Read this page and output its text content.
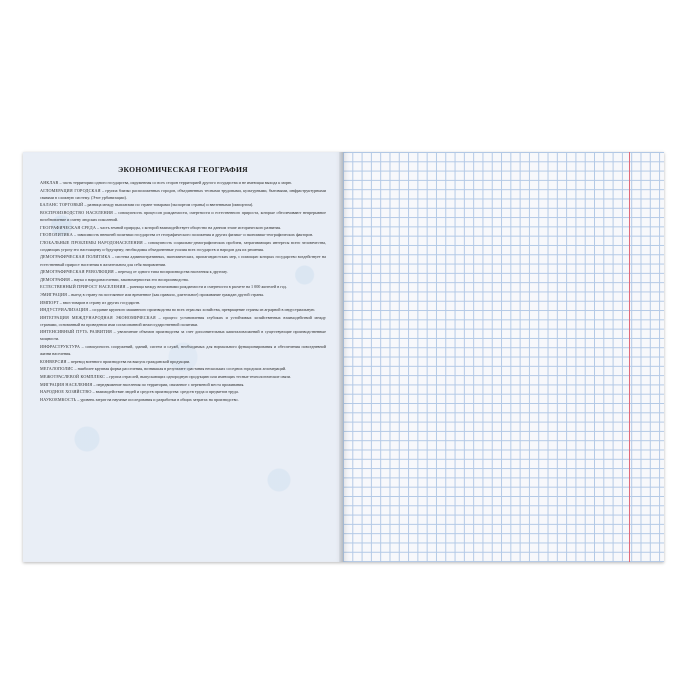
ЭКОНОМИЧЕСКАЯ ГЕОГРАФИЯ
АНКЛАВ – часть территории одного государства, окруженная со всех сторон территорией другого государства и не имеющая выхода к морю.
АГЛОМЕРАЦИЯ ГОРОДСКАЯ – группа близко расположенных городов, объединенных тесными трудовыми, культурными, бытовыми, инфраструктурными связями в сложную систему. (Этот урбанизации).
БАЛАНС ТОРГОВЫЙ – разница между выплатами по стране товарами (экспортом страны) и ввезенными (импортом).
ВОСПРОИЗВОДСТВО НАСЕЛЕНИЯ – совокупность процессов рождаемости, смертности и естественного прироста, которые обеспечивают непрерывное возобновление и смену людских поколений.
ГЕОГРАФИЧЕСКАЯ СРЕДА – часть земной природы, с которой взаимодействует общество на данном этапе исторического развития.
ГЕОПОЛИТИКА – зависимость внешней политики государства от географического положения и других физико- и экономико-географических факторов.
ГЛОБАЛЬНЫЕ ПРОБЛЕМЫ НАРОДОНАСЕЛЕНИЯ – совокупность социально-демографических проблем, затрагивающих интересы всего человечества, создающих угрозу его настоящему и будущему; необходимы объединенные усилия всех государств и народов для их решения.
ДЕМОГРАФИЧЕСКАЯ ПОЛИТИКА – система административных, экономических, пропагандистских мер, с помощью которых государство воздействует на естественный прирост населения в желательном для себя направлении.
ДЕМОГРАФИЧЕСКАЯ РЕВОЛЮЦИЯ – переход от одного типа воспроизводства населения к другому.
ДЕМОГРАФИЯ – наука о народонаселении, закономерностях его воспроизводства.
ЕСТЕСТВЕННЫЙ ПРИРОСТ НАСЕЛЕНИЯ – разница между величинами рождаемости и смертности в расчете на 1 000 жителей в год.
ЭМИГРАЦИЯ – выезд в страну на постоянное или временное (как правило, длительное) проживание граждан другой страны.
ИМПОРТ – ввоз товаров в страну из других государств.
ИНДУСТРИАЛИЗАЦИЯ – создание крупного машинного производства во всех отраслях хозяйства, превращение страны из аграрной в индустриальную.
ИНТЕГРАЦИЯ МЕЖДУНАРОДНАЯ ЭКОНОМИЧЕСКАЯ – процесс установления глубоких и устойчивых хозяйственных взаимодействий между странами, основанный на проведении ими согласованной межгосударственной политики.
ИНТЕНСИВНЫЙ ПУТЬ РАЗВИТИЯ – увеличение объемов производства за счет дополнительных капиталовложений в существующие производственные мощности.
ИНФРАСТРУКТУРА – совокупность сооружений, зданий, систем и служб, необходимых для нормального функционирования и обеспечения повседневной жизни населения.
КОНВЕРСИЯ – перевод военного производства на выпуск гражданской продукции.
МЕГАЛОПОЛИС – наиболее крупная форма расселения, возникшая в результате срастания нескольких соседних городских агломераций.
МЕЖОТРАСЛЕВОЙ КОМПЛЕКС – группа отраслей, выпускающих однородную продукцию или имеющих тесные технологические связи.
МИГРАЦИЯ НАСЕЛЕНИЯ – передвижение населения по территории, связанное с переменой места проживания.
НАРОДНОЕ ХОЗЯЙСТВО – взаимодействие людей и средств производства: средств труда и предметов труда.
НАУКОЕМКОСТЬ – уровень затрат на научные исследования и разработки в общих затратах на производство.
